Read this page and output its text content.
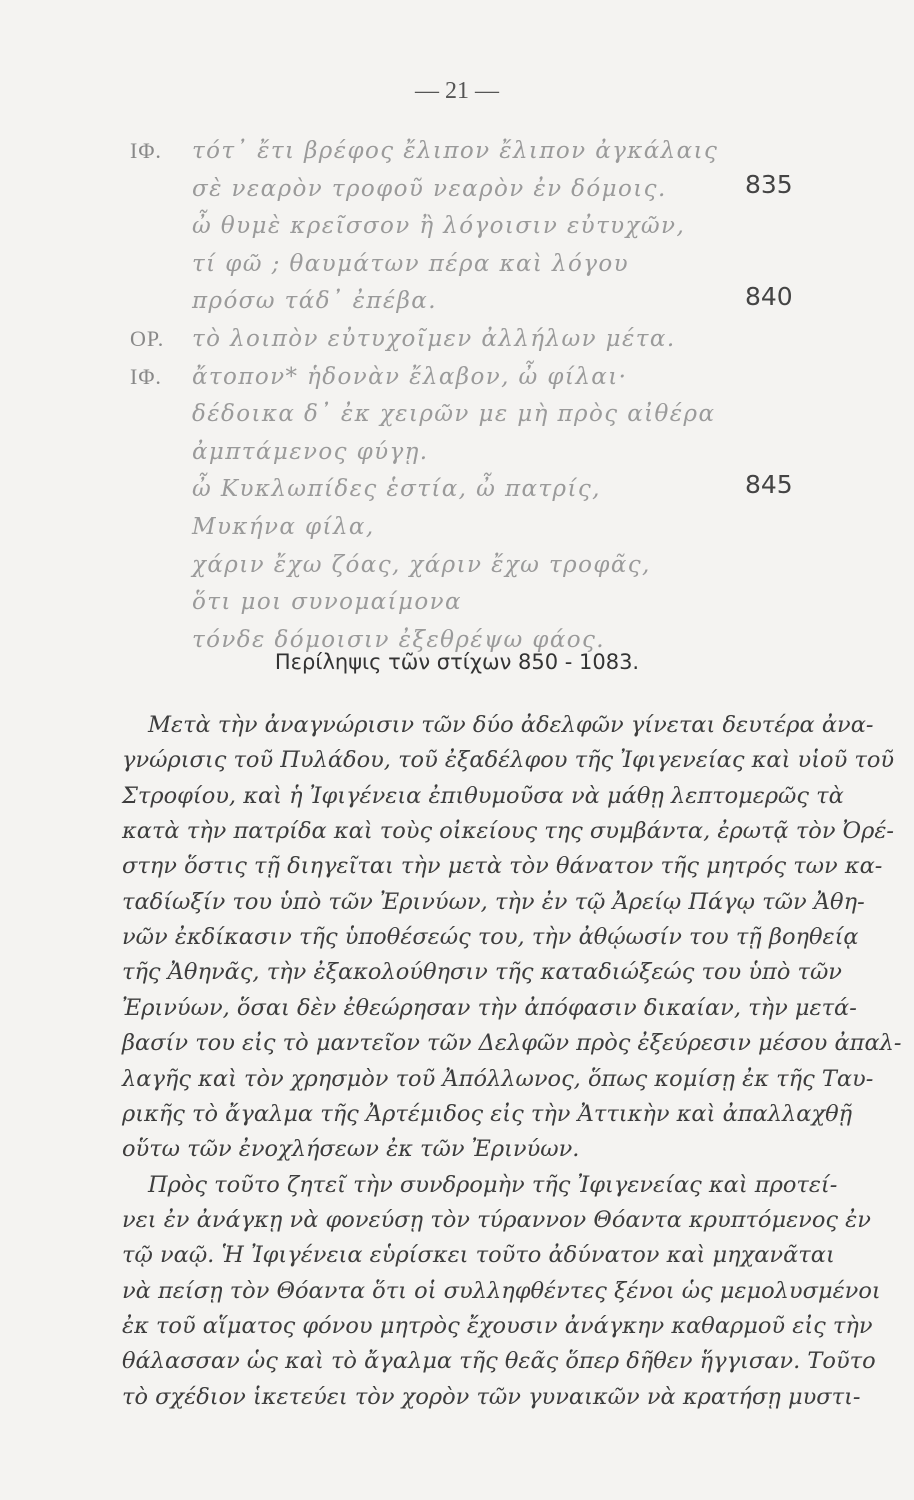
— 21 —
ΙΦ. τότ᾽ ἔτι βρέφος ἔλιπον ἔλιπον ἀγκάλαις
σὲ νεαρὸν τροφοῦ νεαρὸν ἐν δόμοις.	835
ὦ θυμὲ κρεῖσσον ἢ λόγοισιν εὐτυχῶν,
τί φῶ ; θαυμάτων πέρα καὶ λόγου
πρόσω τάδ᾽ ἐπέβα.	840
ΟΡ. τὸ λοιπὸν εὐτυχοῖμεν ἀλλήλων μέτα.
ΙΦ. ἄτοπον* ἡδονὰν ἔλαβον, ὦ φίλαι·
δέδοικα δ᾽ ἐκ χειρῶν με μὴ πρὸς αἰθέρα
ἀμπτάμενος φύγῃ.
ὦ Κυκλωπίδες ἑστία, ὦ πατρίς,	845
Μυκήνα φίλα,
χάριν ἔχω ζόας, χάριν ἔχω τροφᾶς,
ὅτι μοι συνομαίμονα
τόνδε δόμοισιν ἐξεθρέψω φάος.
Περίληψις τῶν στίχων 850 - 1083.
Μετὰ τὴν ἀναγνώρισιν τῶν δύο ἀδελφῶν γίνεται δευτέρα ἀνα-
γνώρισις τοῦ Πυλάδου, τοῦ ἐξαδέλφου τῆς Ἰφιγενείας καὶ υἱοῦ τοῦ
Στροφίου, καὶ ἡ Ἰφιγένεια ἐπιθυμοῦσα νὰ μάθῃ λεπτομερῶς τὰ
κατὰ τὴν πατρίδα καὶ τοὺς οἰκείους της συμβάντα, ἐρωτᾷ τὸν Ὀρέ-
στην ὅστις τῇ διηγεῖται τὴν μετὰ τὸν θάνατον τῆς μητρός των κα-
ταδίωξίν του ὑπὸ τῶν Ἐρινύων, τὴν ἐν τῷ Ἀρείῳ Πάγῳ τῶν Ἀθη-
νῶν ἐκδίκασιν τῆς ὑποθέσεώς του, τὴν ἀθῴωσίν του τῇ βοηθείᾳ
τῆς Ἀθηνᾶς, τὴν ἐξακολούθησιν τῆς καταδιώξεώς του ὑπὸ τῶν
Ἐρινύων, ὅσαι δὲν ἐθεώρησαν τὴν ἀπόφασιν δικαίαν, τὴν μετά-
βασίν του εἰς τὸ μαντεῖον τῶν Δελφῶν πρὸς ἐξεύρεσιν μέσου ἀπαλ-
λαγῆς καὶ τὸν χρησμὸν τοῦ Ἀπόλλωνος, ὅπως κομίσῃ ἐκ τῆς Ταυ-
ρικῆς τὸ ἄγαλμα τῆς Ἀρτέμιδος εἰς τὴν Ἀττικὴν καὶ ἀπαλλαχθῇ
οὕτω τῶν ἐνοχλήσεων ἐκ τῶν Ἐρινύων.
Πρὸς τοῦτο ζητεῖ τὴν συνδρομὴν τῆς Ἰφιγενείας καὶ προτεί-
νει ἐν ἀνάγκῃ νὰ φονεύσῃ τὸν τύραννον Θόαντα κρυπτόμενος ἐν
τῷ ναῷ. Ἡ Ἰφιγένεια εὑρίσκει τοῦτο ἀδύνατον καὶ μηχανᾶται
νὰ πείσῃ τὸν Θόαντα ὅτι οἱ συλληφθέντες ξένοι ὡς μεμολυσμένοι
ἐκ τοῦ αἵματος φόνου μητρὸς ἔχουσιν ἀνάγκην καθαρμοῦ εἰς τὴν
θάλασσαν ὡς καὶ τὸ ἄγαλμα τῆς θεᾶς ὅπερ δῆθεν ἥγγισαν. Τοῦτο
τὸ σχέδιον ἱκετεύει τὸν χορὸν τῶν γυναικῶν νὰ κρατήσῃ μυστι-
